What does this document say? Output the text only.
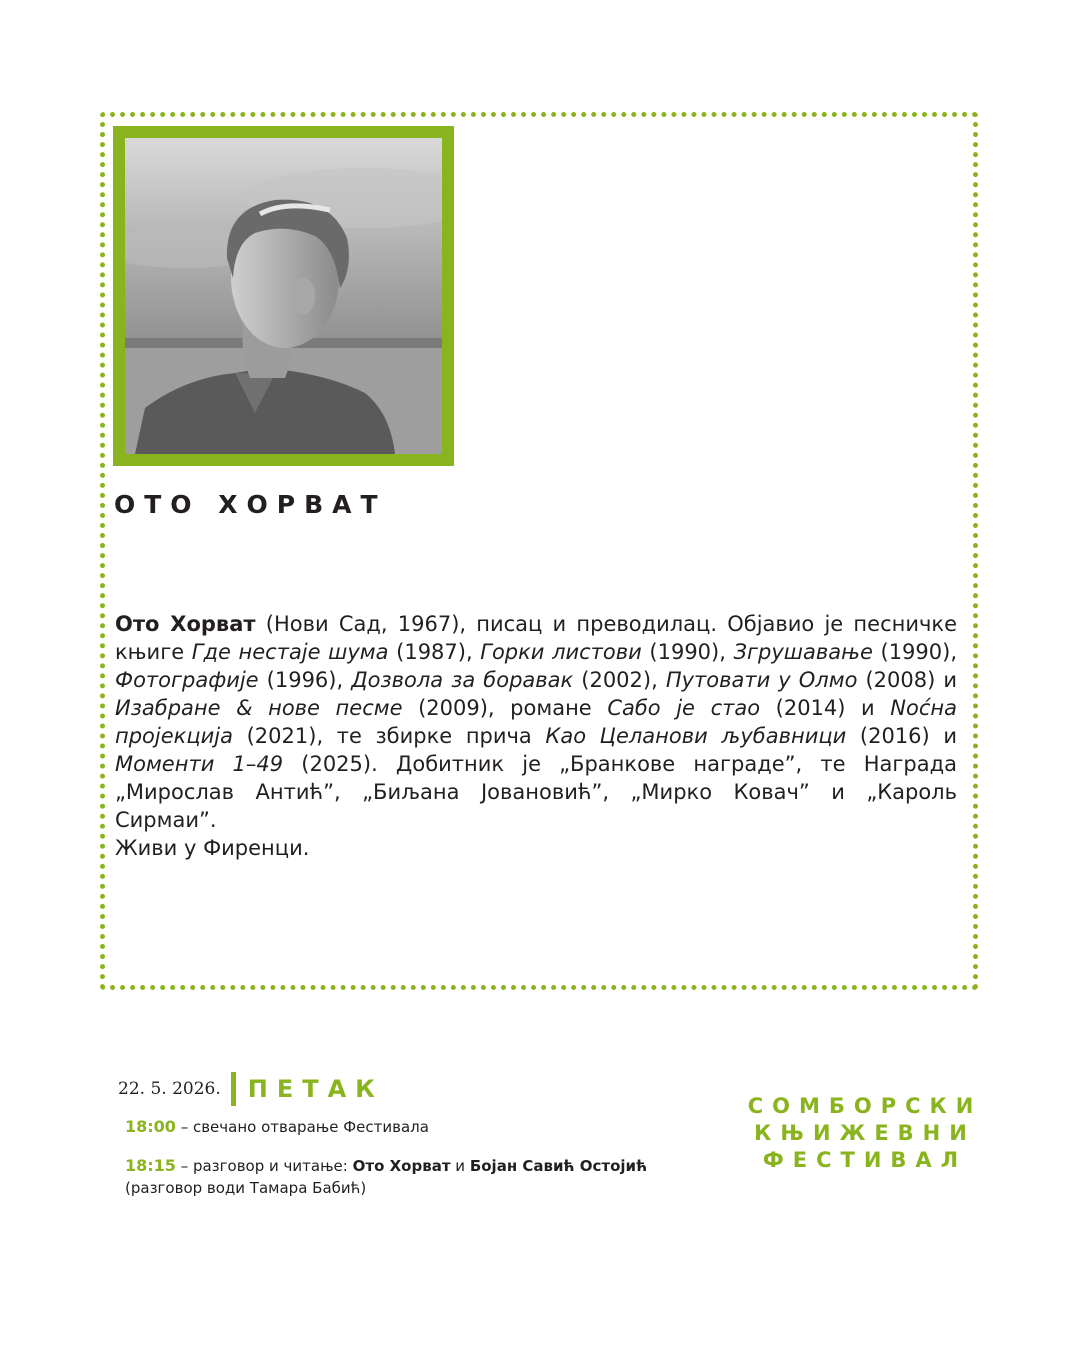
ОТО ХОРВАТ
Ото Хорват (Нови Сад, 1967), писац и преводилац. Објавио је песничке књиге Где нестаје шума (1987), Горки листови (1990), Згрушавање (1990), Фотографије (1996), Дозвола за боравак (2002), Путовати у Олмо (2008) и Изабране & нове песме (2009), романе Сабо је стао (2014) и Noćна пројекција (2021), те збирке прича Као Целанови љубавници (2016) и Моменти 1–49 (2025). Добитник је „Бранкове награде”, те Награда „Мирослав Антић”, „Биљана Јовановић”, „Мирко Ковач” и „Кароль Сирмаи”.
Живи у Фиренци.
22. 5. 2026. ПЕТАК
18:00 – свечано отварање Фестивала
18:15 – разговор и читање: Ото Хорват и Бојан Савић Остојић
(разговор води Тамара Бабић)
СОМБОРСКИ
КЊИЖЕВНИ
ФЕСТИВАЛ
